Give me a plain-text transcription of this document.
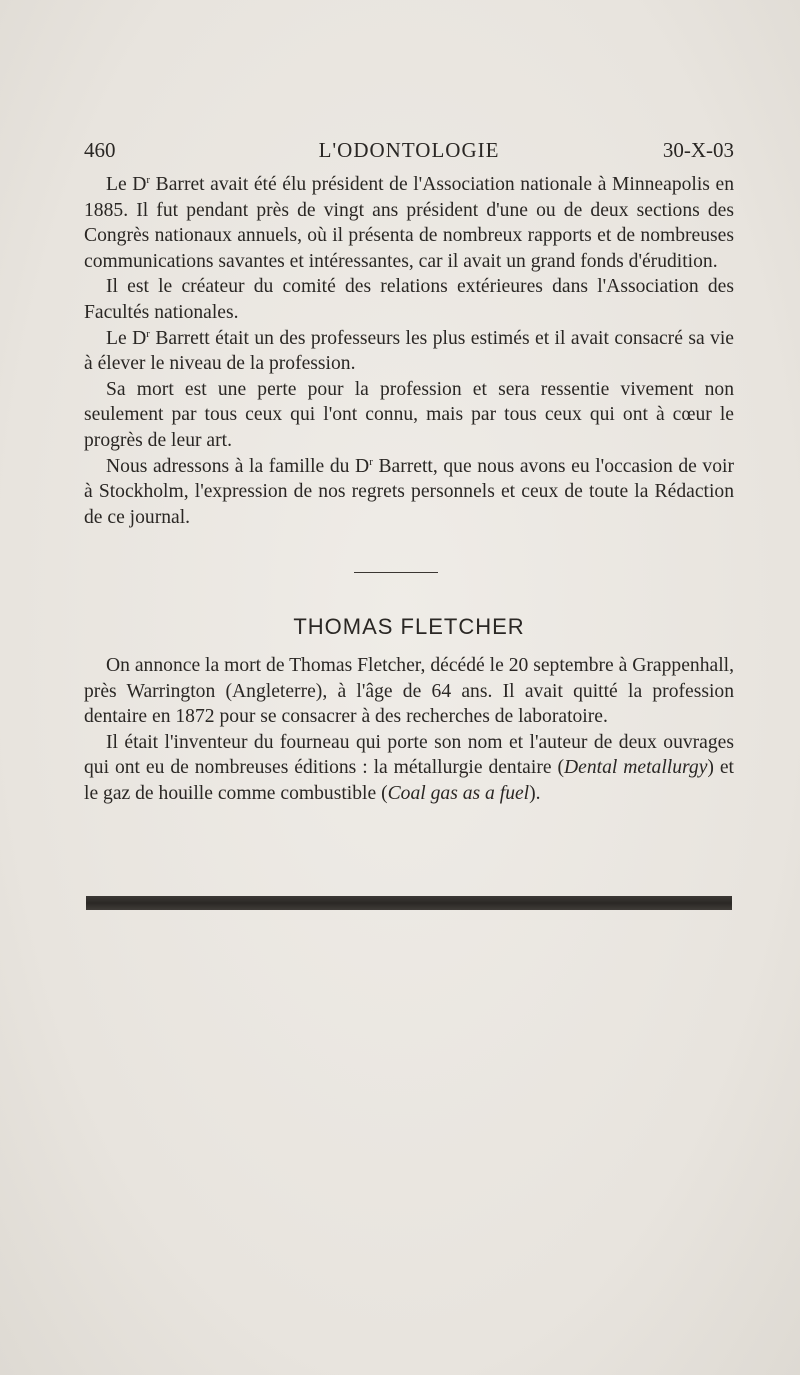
460	L'ODONTOLOGIE	30-X-03

Le $D^r$ Barret avait été élu président de l'Association nationale à Minneapolis en 1885. Il fut pendant près de vingt ans président d'une ou de deux sections des Congrès nationaux annuels, où il présenta de nombreux rapports et de nombreuses communications savantes et intéressantes, car il avait un grand fonds d'érudition.

Il est le créateur du comité des relations extérieures dans l'Association des Facultés nationales.

Le $D^r$ Barrett était un des professeurs les plus estimés et il avait consacré sa vie à élever le niveau de la profession.

Sa mort est une perte pour la profession et sera ressentie vivement non seulement par tous ceux qui l'ont connu, mais par tous ceux qui ont à cœur le progrès de leur art.

Nous adressons à la famille du $D^r$ Barrett, que nous avons eu l'occasion de voir à Stockholm, l'expression de nos regrets personnels et ceux de toute la Rédaction de ce journal.

THOMAS FLETCHER

On annonce la mort de Thomas Fletcher, décédé le 20 septembre à Grappenhall, près Warrington (Angleterre), à l'âge de 64 ans. Il avait quitté la profession dentaire en 1872 pour se consacrer à des recherches de laboratoire.

Il était l'inventeur du fourneau qui porte son nom et l'auteur de deux ouvrages qui ont eu de nombreuses éditions : la métallurgie dentaire (Dental metallurgy) et le gaz de houille comme combustible (Coal gas as a fuel).
